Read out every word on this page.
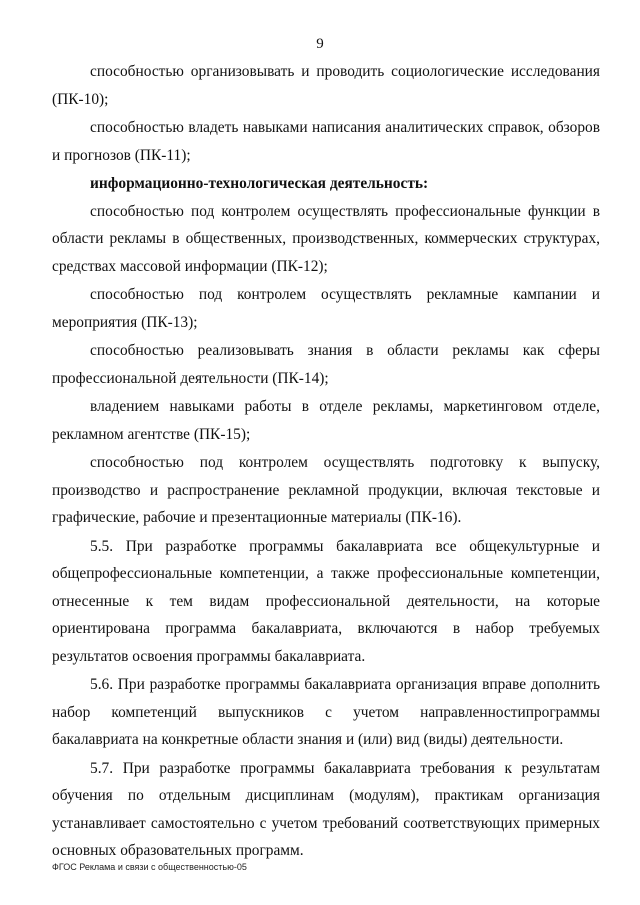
9

способностью организовывать и проводить социологические исследования (ПК-10);

способностью владеть навыками написания аналитических справок, обзоров и прогнозов (ПК-11);

информационно-технологическая деятельность:

способностью под контролем осуществлять профессиональные функции в области рекламы в общественных, производственных, коммерческих структурах, средствах массовой информации (ПК-12);

способностью под контролем осуществлять рекламные кампании и мероприятия (ПК-13);

способностью реализовывать знания в области рекламы как сферы профессиональной деятельности (ПК-14);

владением навыками работы в отделе рекламы, маркетинговом отделе, рекламном агентстве (ПК-15);

способностью под контролем осуществлять подготовку к выпуску, производство и распространение рекламной продукции, включая текстовые и графические, рабочие и презентационные материалы (ПК-16).

5.5. При разработке программы бакалавриата все общекультурные и общепрофессиональные компетенции, а также профессиональные компетенции, отнесенные к тем видам профессиональной деятельности, на которые ориентирована программа бакалавриата, включаются в набор требуемых результатов освоения программы бакалавриата.

5.6. При разработке программы бакалавриата организация вправе дополнить набор компетенций выпускников с учетом направленностипрограммы бакалавриата на конкретные области знания и (или) вид (виды) деятельности.

5.7. При разработке программы бакалавриата требования к результатам обучения по отдельным дисциплинам (модулям), практикам организация устанавливает самостоятельно с учетом требований соответствующих примерных основных образовательных программ.

ФГОС Реклама и связи с общественностью-05
